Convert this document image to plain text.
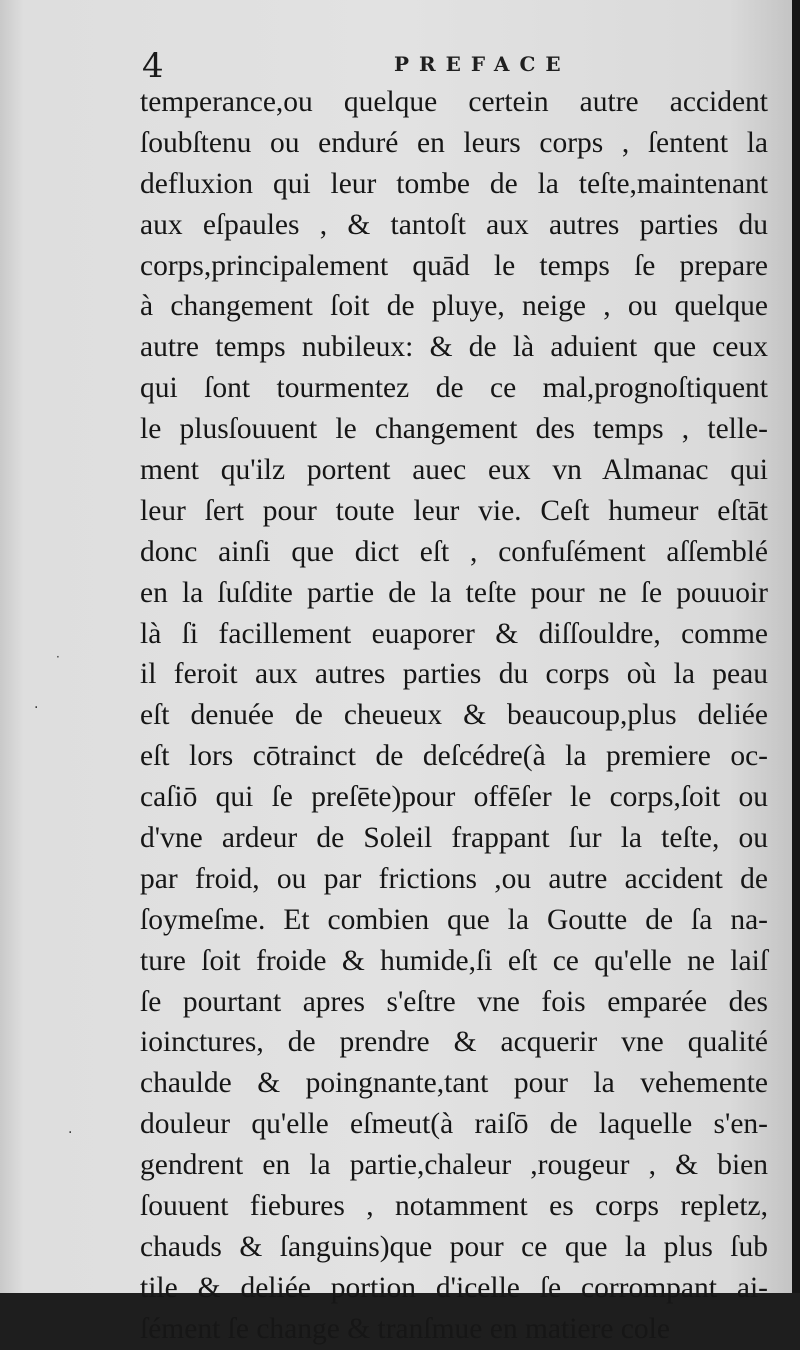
4	PREFACE
temperance,ou quelque certein autre accident
ſoubſtenu ou enduré en leurs corps , ſentent la
defluxion qui leur tombe de la teſte,maintenant
aux eſpaules , & tantoſt aux autres parties du
corps,principalement quād le temps ſe prepare
à changement ſoit de pluye, neige , ou quelque
autre temps nubileux: & de là aduient que ceux
qui ſont tourmentez de ce mal,prognoſtiquent
le plusſouuent le changement des temps , telle-
ment qu'ilz portent auec eux vn Almanac qui
leur ſert pour toute leur vie. Ceſt humeur eſtāt
donc ainſi que dict eſt , confuſément aſſemblé
en la ſuſdite partie de la teſte pour ne ſe pouuoir
là ſi facillement euaporer & diſſouldre, comme
il feroit aux autres parties du corps où la peau
eſt denuée de cheueux & beaucoup,plus deliée
eſt lors cōtrainct de deſcédre(à la premiere oc-
caſiō qui ſe preſēte)pour offēſer le corps,ſoit ou
d'vne ardeur de Soleil frappant ſur la teſte, ou
par froid, ou par frictions ,ou autre accident de
ſoymeſme. Et combien que la Goutte de ſa na-
ture ſoit froide & humide,ſi eſt ce qu'elle ne laiſ
ſe pourtant apres s'eſtre vne fois emparée des
ioinctures, de prendre & acquerir vne qualité
chaulde & poingnante,tant pour la vehemente
douleur qu'elle eſmeut(à raiſō de laquelle s'en-
gendrent en la partie,chaleur ,rougeur , & bien
ſouuent fiebures , notamment es corps repletz,
chauds & ſanguins)que pour ce que la plus ſub
tile & deliée portion d'icelle ſe corrompant ai-
ſément ſe change & tranſmue en matiere cole
·
·
·
